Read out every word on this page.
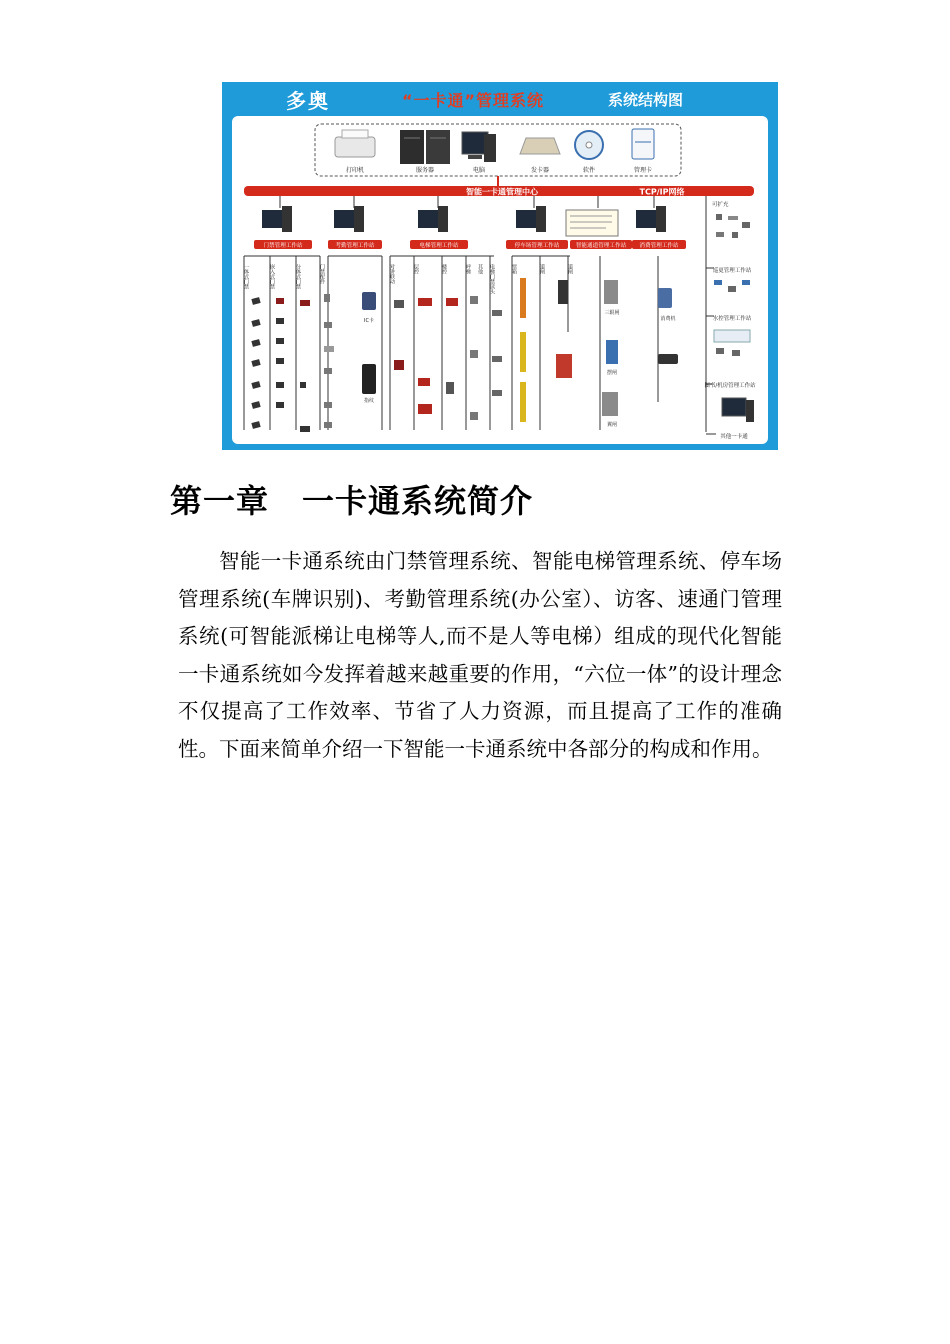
多奥	“一卡通”管理系统	系统结构图
打印机	服务器	电脑	发卡器	软件	管理卡
智能一卡通管理中心	TCP/IP网络
可扩充
巡更管理工作站
水控管理工作站
图书/机房管理工作站
其他一卡通
门禁管理工作站	考勤管理工作站	电梯管理工作站	停车场管理工作站	智能通道管理工作站 消费管理工作站
一体式门禁	嵌入式门禁	分体式门禁	门禁配件	对讲联动	层控	楼控	呼梯 其他 电梯门禁读头	票箱	道闸	道闸
IC卡
指纹
三辊闸
摆闸
翼闸
消费机
第一章　一卡通系统简介

智能一卡通系统由门禁管理系统、智能电梯管理系统、停车场管理系统(车牌识别)、考勤管理系统(办公室）、访客、速通门管理系统(可智能派梯让电梯等人,而不是人等电梯）组成的现代化智能一卡通系统如今发挥着越来越重要的作用，“六位一体”的设计理念不仅提高了工作效率、节省了人力资源，而且提高了工作的准确性。下面来简单介绍一下智能一卡通系统中各部分的构成和作用。
